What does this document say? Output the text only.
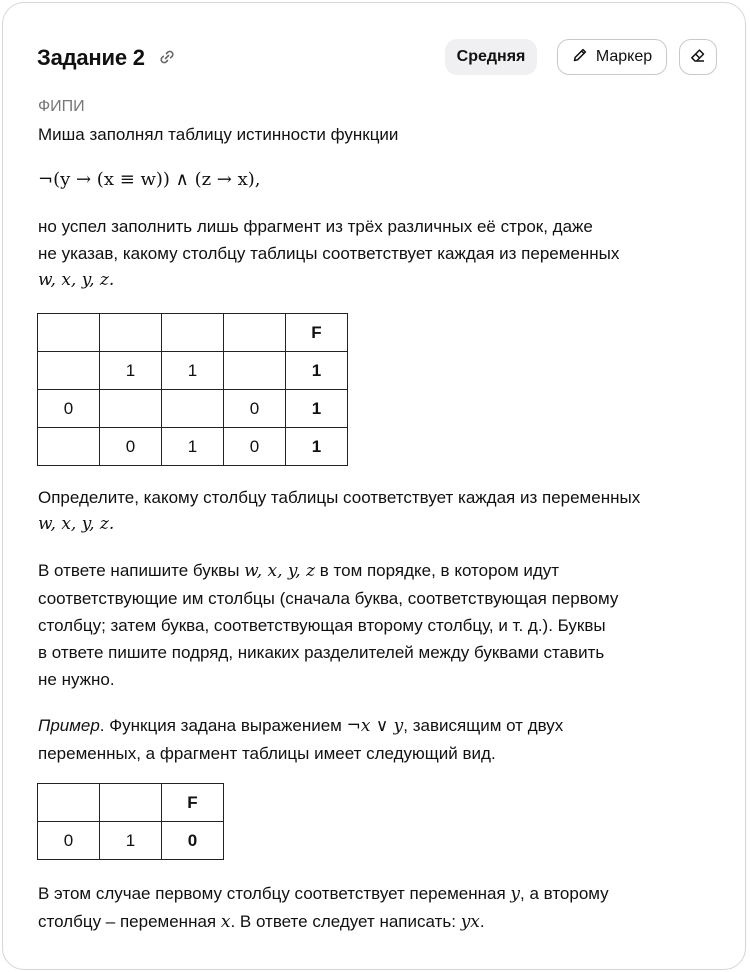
Задание 2	Средняя	Маркер
ФИПИ
Миша заполнял таблицу истинности функции
¬(y → (x ≡ w)) ∧ (z → x),
но успел заполнить лишь фрагмент из трёх различных её строк, даже
не указав, какому столбцу таблицы соответствует каждая из переменных
w, x, y, z.
				F
	1	1		1
0			0	1
	0	1	0	1
Определите, какому столбцу таблицы соответствует каждая из переменных
w, x, y, z.
В ответе напишите буквы w, x, y, z в том порядке, в котором идут
соответствующие им столбцы (сначала буква, соответствующая первому
столбцу; затем буква, соответствующая второму столбцу, и т. д.). Буквы
в ответе пишите подряд, никаких разделителей между буквами ставить
не нужно.
Пример. Функция задана выражением ¬x ∨ y, зависящим от двух
переменных, а фрагмент таблицы имеет следующий вид.
		F
0	1	0
В этом случае первому столбцу соответствует переменная y, а второму
столбцу – переменная x. В ответе следует написать: yx.
